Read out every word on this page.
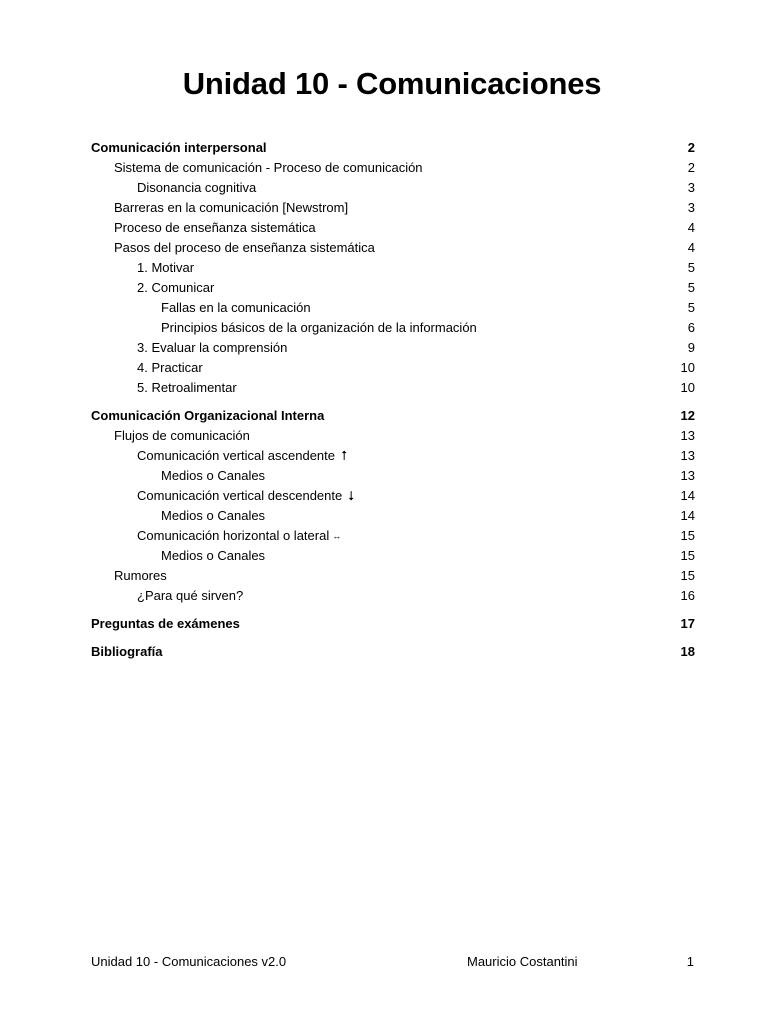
Unidad 10 - Comunicaciones
Comunicación interpersonal	2
Sistema de comunicación - Proceso de comunicación	2
Disonancia cognitiva	3
Barreras en la comunicación [Newstrom]	3
Proceso de enseñanza sistemática	4
Pasos del proceso de enseñanza sistemática	4
1. Motivar	5
2. Comunicar	5
Fallas en la comunicación	5
Principios básicos de la organización de la información	6
3. Evaluar la comprensión	9
4. Practicar	10
5. Retroalimentar	10
Comunicación Organizacional Interna	12
Flujos de comunicación	13
Comunicación vertical ascendente ⭡	13
Medios o Canales	13
Comunicación vertical descendente ⭣	14
Medios o Canales	14
Comunicación horizontal o lateral ↔	15
Medios o Canales	15
Rumores	15
¿Para qué sirven?	16
Preguntas de exámenes	17
Bibliografía	18
Unidad 10 - Comunicaciones v2.0	Mauricio Costantini	1
